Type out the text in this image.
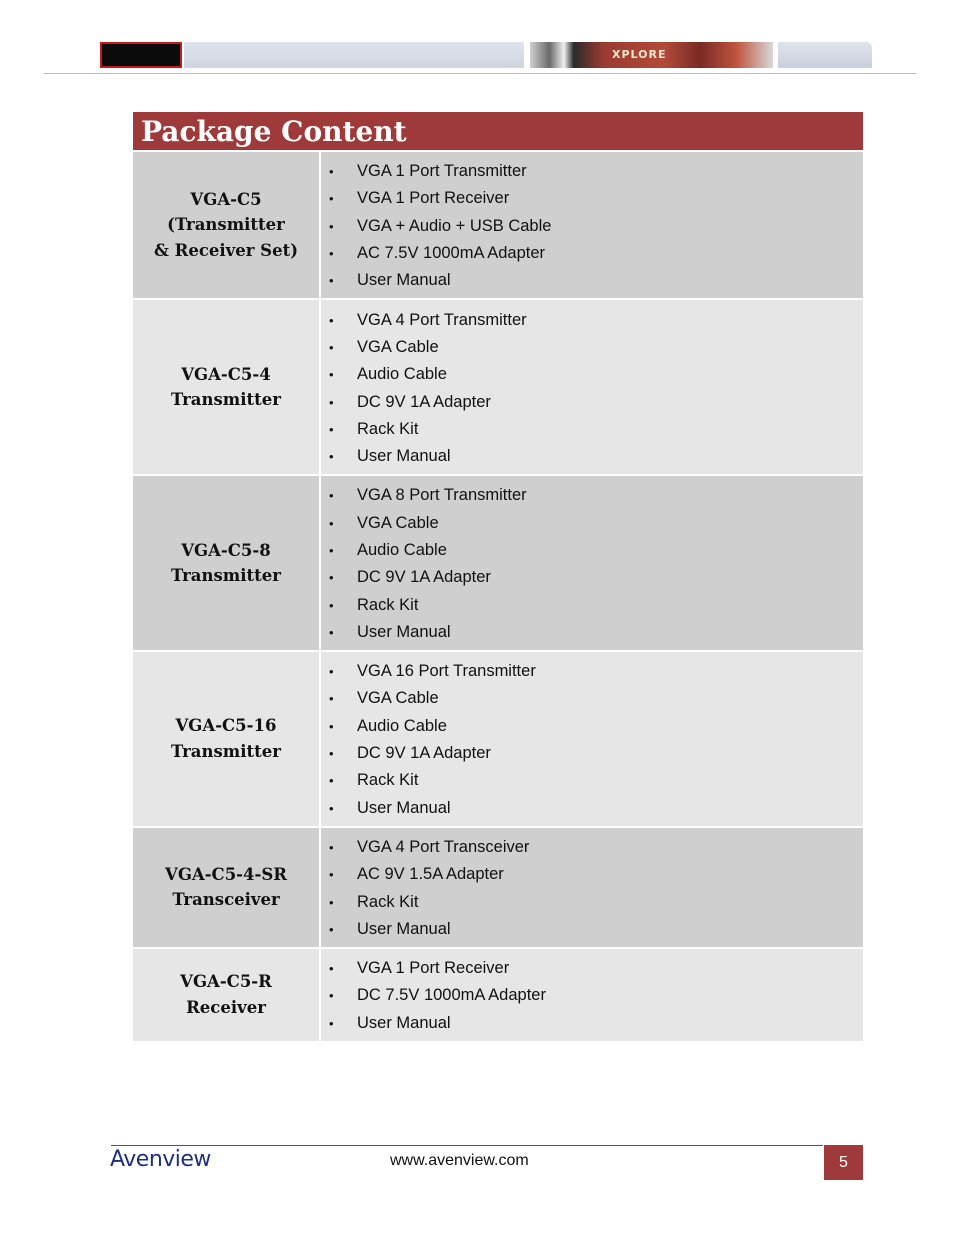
XPLORE
Package Content
VGA-C5
(Transmitter
& Receiver Set)
•	VGA 1 Port Transmitter
•	VGA 1 Port Receiver
•	VGA + Audio + USB Cable
•	AC 7.5V 1000mA Adapter
•	User Manual
VGA-C5-4
Transmitter
•	VGA 4 Port Transmitter
•	VGA Cable
•	Audio Cable
•	DC 9V 1A Adapter
•	Rack Kit
•	User Manual
VGA-C5-8
Transmitter
•	VGA 8 Port Transmitter
•	VGA Cable
•	Audio Cable
•	DC 9V 1A Adapter
•	Rack Kit
•	User Manual
VGA-C5-16
Transmitter
•	VGA 16 Port Transmitter
•	VGA Cable
•	Audio Cable
•	DC 9V 1A Adapter
•	Rack Kit
•	User Manual
VGA-C5-4-SR
Transceiver
•	VGA 4 Port Transceiver
•	AC 9V 1.5A Adapter
•	Rack Kit
•	User Manual
VGA-C5-R
Receiver
•	VGA 1 Port Receiver
•	DC 7.5V 1000mA Adapter
•	User Manual
Avenview	www.avenview.com	5
